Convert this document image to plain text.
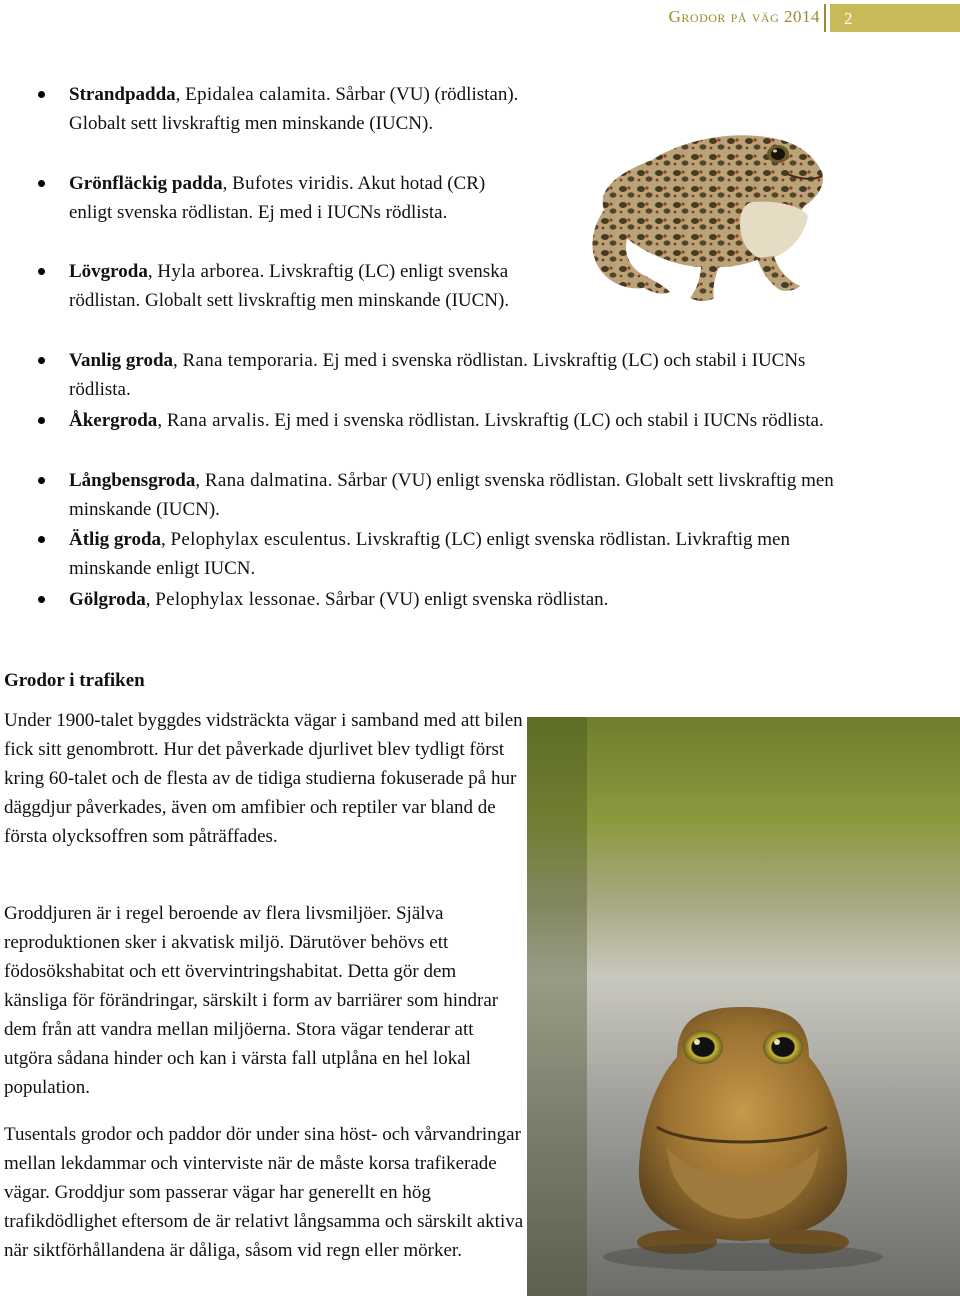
Grodor på väg 2014 2
Strandpadda, Epidalea calamita. Sårbar (VU) (rödlistan). Globalt sett livskraftig men minskande (IUCN).
Grönfläckig padda, Bufotes viridis. Akut hotad (CR) enligt svenska rödlistan. Ej med i IUCNs rödlista.
Lövgroda, Hyla arborea. Livskraftig (LC) enligt svenska rödlistan. Globalt sett livskraftig men minskande (IUCN).
Vanlig groda, Rana temporaria. Ej med i svenska rödlistan. Livskraftig (LC) och stabil i IUCNs rödlista.
Åkergroda, Rana arvalis. Ej med i svenska rödlistan. Livskraftig (LC) och stabil i IUCNs rödlista.
Långbensgroda, Rana dalmatina. Sårbar (VU) enligt svenska rödlistan. Globalt sett livskraftig men minskande (IUCN).
Ätlig groda, Pelophylax esculentus. Livskraftig (LC) enligt svenska rödlistan. Livkraftig men minskande enligt IUCN.
Gölgroda, Pelophylax lessonae. Sårbar (VU) enligt svenska rödlistan.
Grodor i trafiken

Under 1900-talet byggdes vidsträckta vägar i samband med att bilen fick sitt genombrott. Hur det påverkade djurlivet blev tydligt först kring 60-talet och de flesta av de tidiga studierna fokuserade på hur däggdjur påverkades, även om amfibier och reptiler var bland de första olycksoffren som påträffades.

Groddjuren är i regel beroende av flera livsmiljöer. Själva reproduktionen sker i akvatisk miljö. Därutöver behövs ett födosökshabitat och ett övervintringshabitat. Detta gör dem känsliga för förändringar, särskilt i form av barriärer som hindrar dem från att vandra mellan miljöerna. Stora vägar tenderar att utgöra sådana hinder och kan i värsta fall utplåna en hel lokal population.

Tusentals grodor och paddor dör under sina höst- och vårvandringar mellan lekdammar och vinterviste när de måste korsa trafikerade vägar. Groddjur som passerar vägar har generellt en hög trafikdödlighet eftersom de är relativt långsamma och särskilt aktiva när siktförhållandena är dåliga, såsom vid regn eller mörker.
